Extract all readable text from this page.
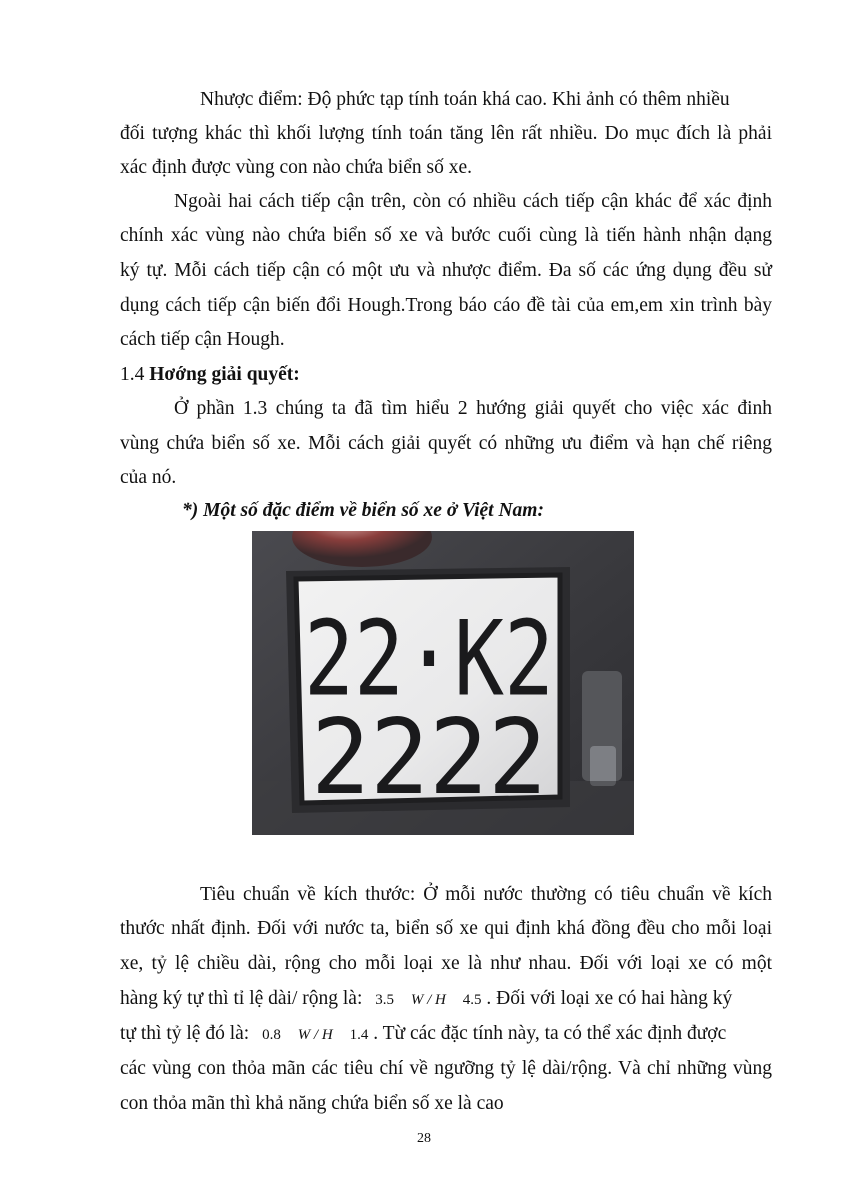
Nhược điểm: Độ phức tạp tính toán khá cao. Khi ảnh có thêm nhiều
đối tượng khác thì khối lượng tính toán tăng lên rất nhiều. Do mục đích là phải
xác định được vùng con nào chứa biển số xe.
Ngoài hai cách tiếp cận trên, còn có nhiều cách tiếp cận khác để xác định
chính xác vùng nào chứa biển số xe và bước cuối cùng là tiến hành nhận dạng
ký tự. Mỗi cách tiếp cận có một ưu và nhược điểm. Đa số các ứng dụng đều sử
dụng cách tiếp cận biến đổi Hough.Trong báo cáo đề tài của em,em xin trình bày
cách tiếp cận Hough.
1.4 Hơớng giải quyết:
Ở phần 1.3 chúng ta đã tìm hiểu 2 hướng giải quyết cho việc xác đinh
vùng chứa biển số xe. Mỗi cách giải quyết có những ưu điểm và hạn chế riêng
của nó.
*) Một số đặc điểm về biển số xe ở Việt Nam:
22·K2
2222
Tiêu chuẩn về kích thước: Ở mỗi nước thường có tiêu chuẩn về kích
thước nhất định. Đối với nước ta, biển số xe qui định khá đồng đều cho mỗi loại
xe, tỷ lệ chiều dài, rộng cho mỗi loại xe là như nhau. Đối với loại xe có một
hàng ký tự thì tỉ lệ dài/ rộng là: 3.5 W / H 4.5 . Đối với loại xe có hai hàng ký
tự thì tỷ lệ đó là: 0.8 W / H 1.4 . Từ các đặc tính này, ta có thể xác định được
các vùng con thỏa mãn các tiêu chí về ngưỡng tỷ lệ dài/rộng. Và chỉ những vùng
con thỏa mãn thì khả năng chứa biển số xe là cao
28
